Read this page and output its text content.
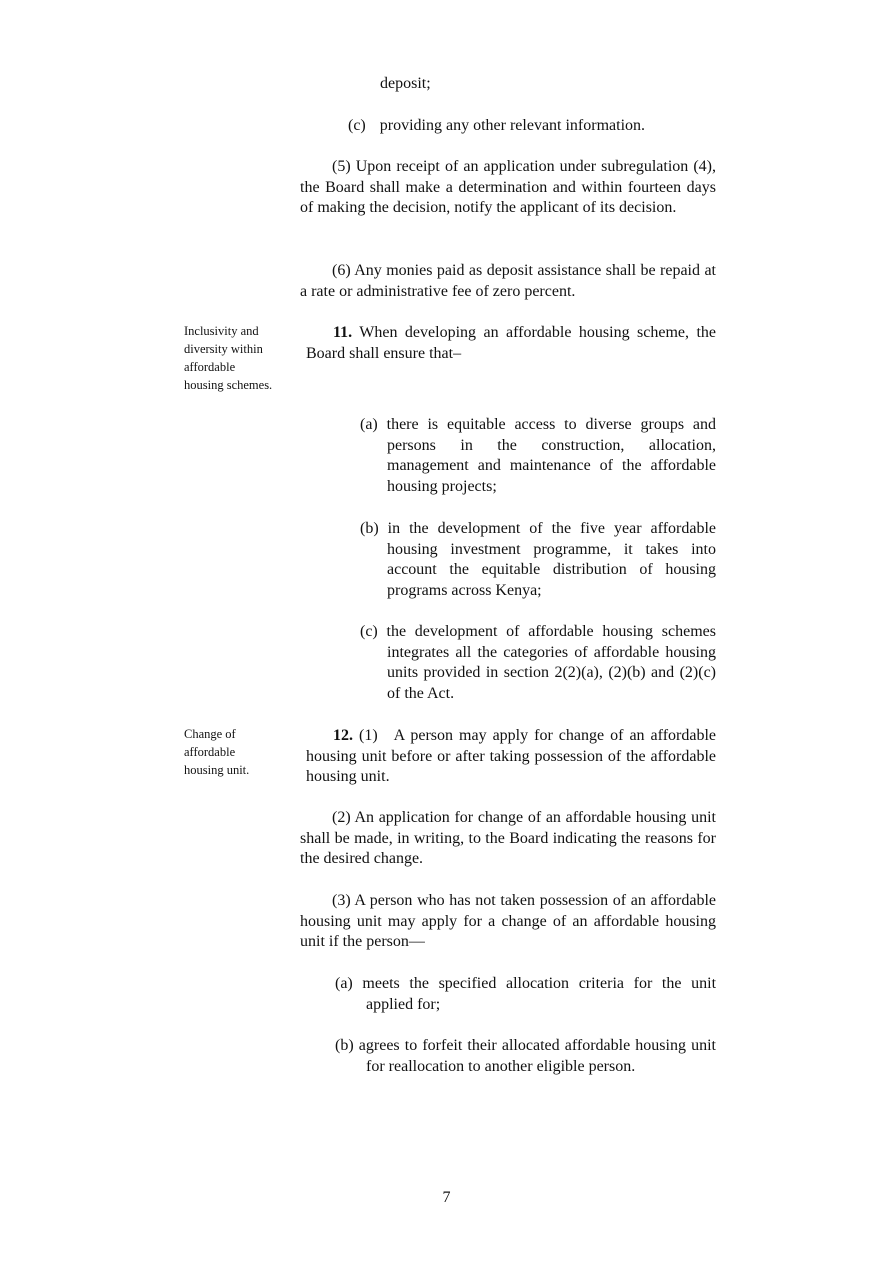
deposit;
(c) providing any other relevant information.
(5) Upon receipt of an application under subregulation (4), the Board shall make a determination and within fourteen days of making the decision, notify the applicant of its decision.
(6) Any monies paid as deposit assistance shall be repaid at a rate or administrative fee of zero percent.
Inclusivity and
diversity within
affordable
housing schemes.
11. When developing an affordable housing scheme, the Board shall ensure that–
(a) there is equitable access to diverse groups and persons in the construction, allocation, management and maintenance of the affordable housing projects;
(b) in the development of the five year affordable housing investment programme, it takes into account the equitable distribution of housing programs across Kenya;
(c) the development of affordable housing schemes integrates all the categories of affordable housing units provided in section 2(2)(a), (2)(b) and (2)(c) of the Act.
Change of
affordable
housing unit.
12. (1) A person may apply for change of an affordable housing unit before or after taking possession of the affordable housing unit.
(2) An application for change of an affordable housing unit shall be made, in writing, to the Board indicating the reasons for the desired change.
(3) A person who has not taken possession of an affordable housing unit may apply for a change of an affordable housing unit if the person—
(a) meets the specified allocation criteria for the unit applied for;
(b) agrees to forfeit their allocated affordable housing unit for reallocation to another eligible person.
7
